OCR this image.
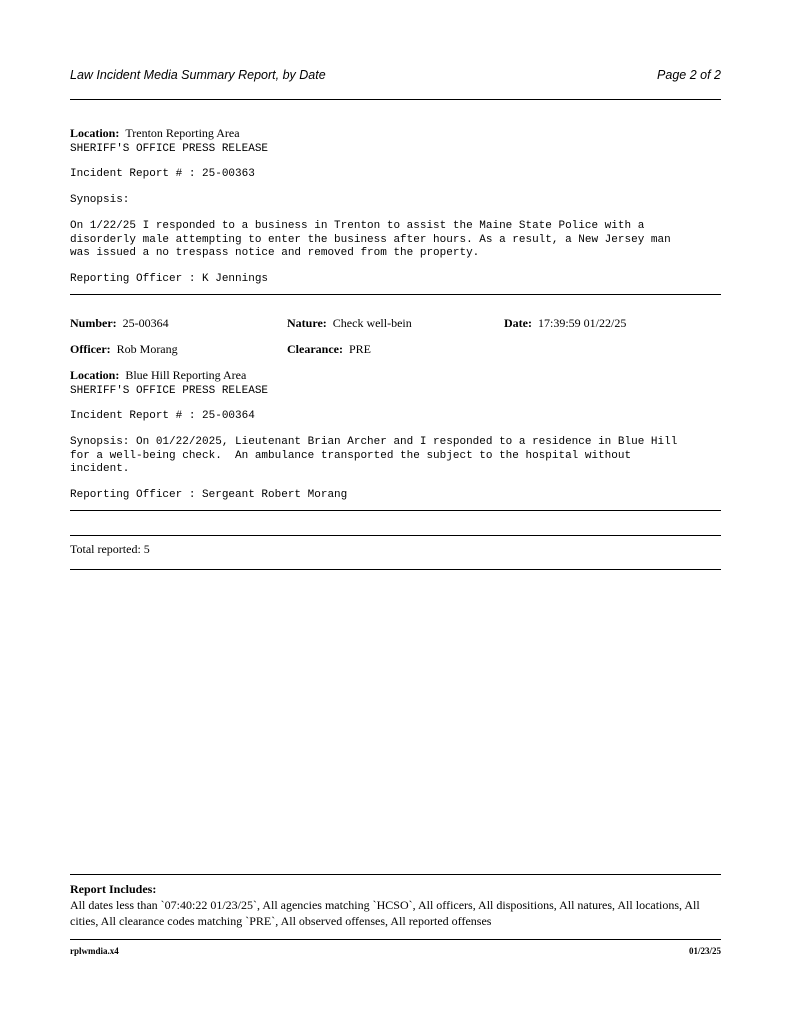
Law Incident Media Summary Report, by Date	Page 2 of 2
Location: Trenton Reporting Area
SHERIFF'S OFFICE PRESS RELEASE
Incident Report # : 25-00363
Synopsis:
On 1/22/25 I responded to a business in Trenton to assist the Maine State Police with a
disorderly male attempting to enter the business after hours. As a result, a New Jersey man
was issued a no trespass notice and removed from the property.
Reporting Officer : K Jennings
Number: 25-00364	Nature: Check well-bein	Date: 17:39:59 01/22/25
Officer: Rob Morang	Clearance: PRE
Location: Blue Hill Reporting Area
SHERIFF'S OFFICE PRESS RELEASE
Incident Report # : 25-00364
Synopsis: On 01/22/2025, Lieutenant Brian Archer and I responded to a residence in Blue Hill
for a well-being check.  An ambulance transported the subject to the hospital without
incident.
Reporting Officer : Sergeant Robert Morang
Total reported: 5
Report Includes:
All dates less than `07:40:22 01/23/25`, All agencies matching `HCSO`, All officers, All dispositions, All natures, All locations, All cities, All clearance codes matching `PRE`, All observed offenses, All reported offenses
rplwmdia.x4	01/23/25
